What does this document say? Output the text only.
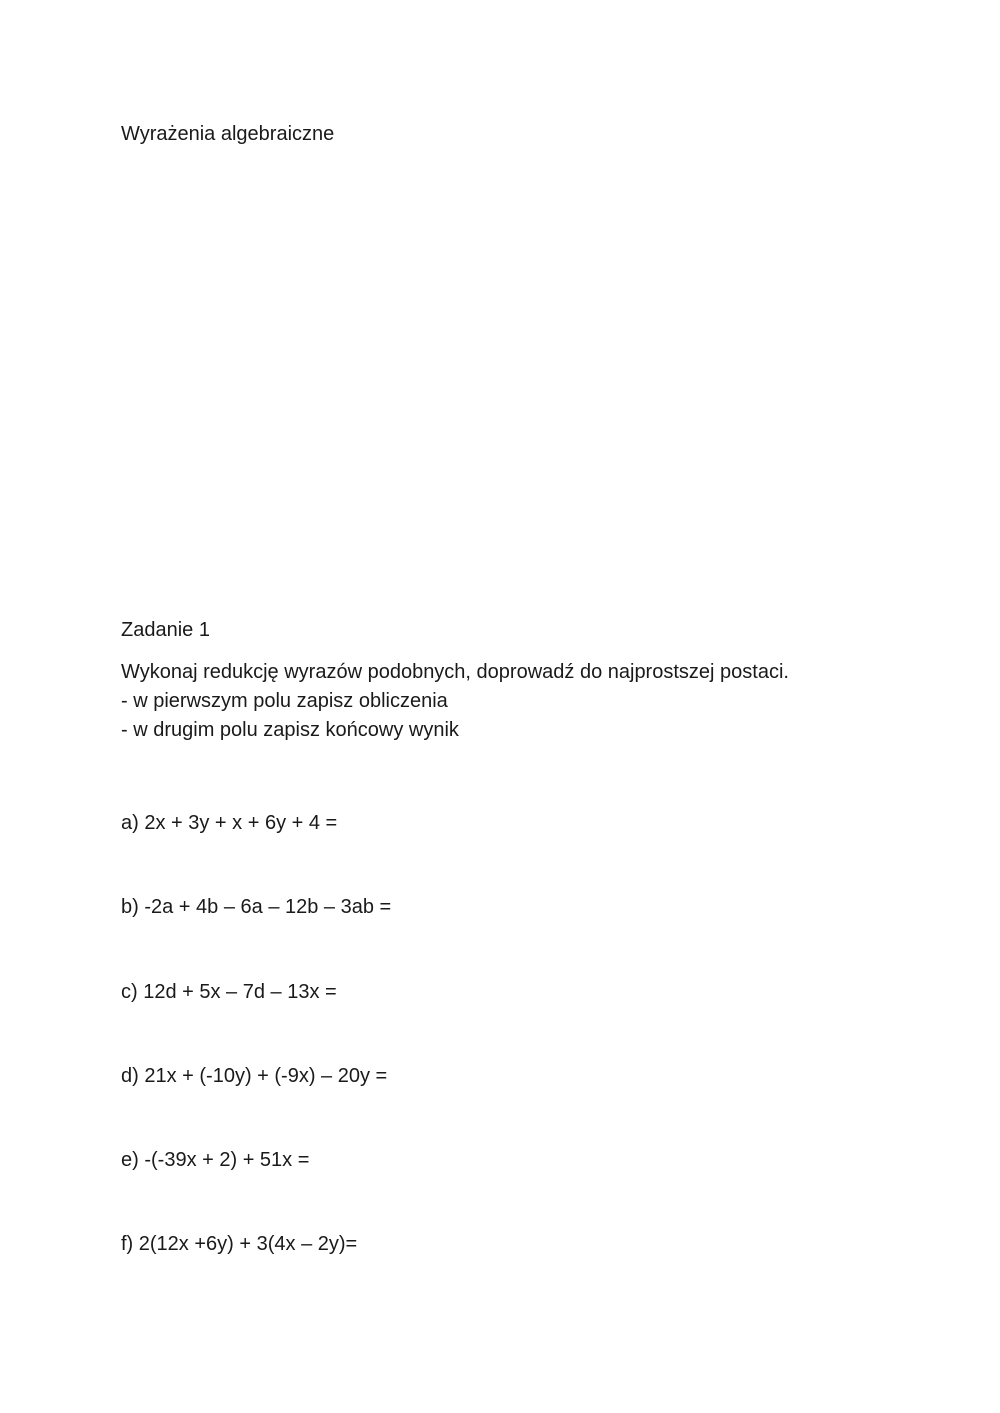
Wyrażenia algebraiczne

Zadanie 1

Wykonaj redukcję wyrazów podobnych, doprowadź do najprostszej postaci.

- w pierwszym polu zapisz obliczenia

- w drugim polu zapisz końcowy wynik

a) 2x + 3y + x + 6y + 4 =

b) -2a + 4b – 6a – 12b – 3ab =

c) 12d + 5x – 7d – 13x =

d) 21x + (-10y) + (-9x) – 20y =

e) -(-39x + 2) + 51x =

f) 2(12x +6y) + 3(4x – 2y)=
